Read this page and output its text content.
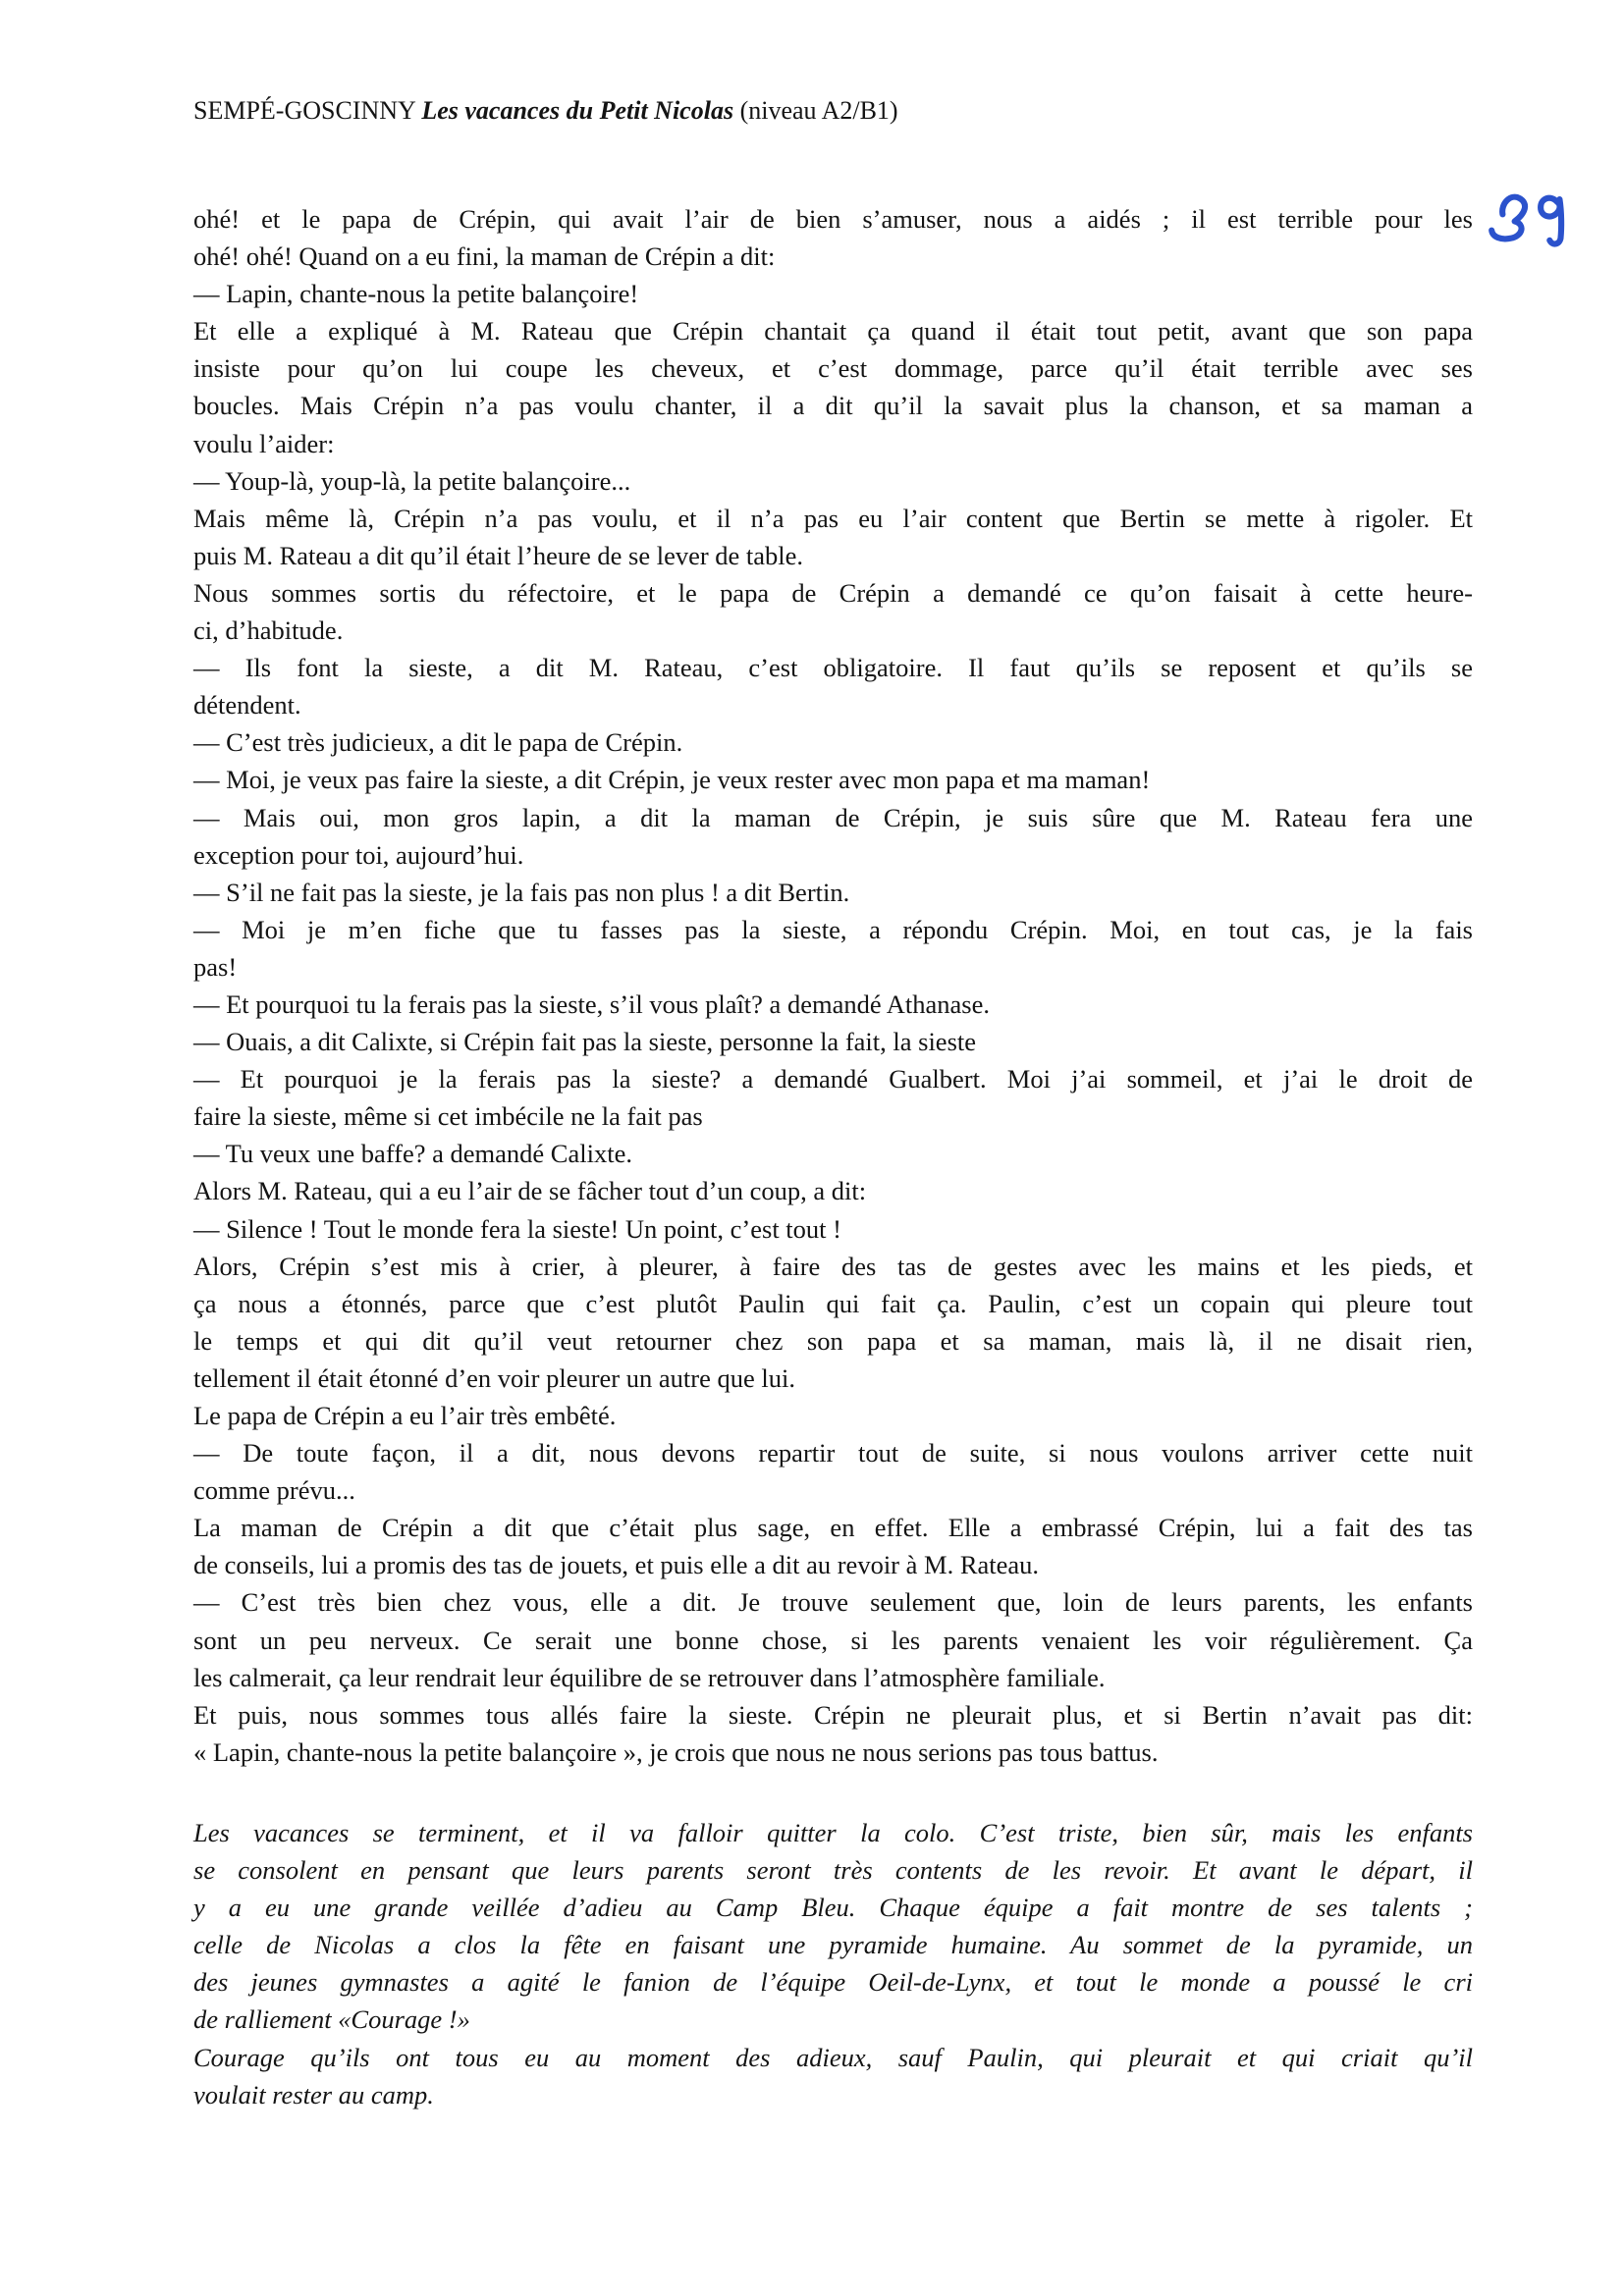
SEMPÉ-GOSCINNY Les vacances du Petit Nicolas (niveau A2/B1)
ohé! et le papa de Crépin, qui avait l’air de bien s’amuser, nous a aidés ; il est terrible pour les
ohé! ohé! Quand on a eu fini, la maman de Crépin a dit:
— Lapin, chante-nous la petite balançoire!
Et elle a expliqué à M. Rateau que Crépin chantait ça quand il était tout petit, avant que son papa
insiste pour qu’on lui coupe les cheveux, et c’est dommage, parce qu’il était terrible avec ses
boucles. Mais Crépin n’a pas voulu chanter, il a dit qu’il la savait plus la chanson, et sa maman a
voulu l’aider:
— Youp-là, youp-là, la petite balançoire...
Mais même là, Crépin n’a pas voulu, et il n’a pas eu l’air content que Bertin se mette à rigoler. Et
puis M. Rateau a dit qu’il était l’heure de se lever de table.
Nous sommes sortis du réfectoire, et le papa de Crépin a demandé ce qu’on faisait à cette heure-
ci, d’habitude.
— Ils font la sieste, a dit M. Rateau, c’est obligatoire. Il faut qu’ils se reposent et qu’ils se
détendent.
— C’est très judicieux, a dit le papa de Crépin.
— Moi, je veux pas faire la sieste, a dit Crépin, je veux rester avec mon papa et ma maman!
— Mais oui, mon gros lapin, a dit la maman de Crépin, je suis sûre que M. Rateau fera une
exception pour toi, aujourd’hui.
— S’il ne fait pas la sieste, je la fais pas non plus ! a dit Bertin.
— Moi je m’en fiche que tu fasses pas la sieste, a répondu Crépin. Moi, en tout cas, je la fais
pas!
— Et pourquoi tu la ferais pas la sieste, s’il vous plaît? a demandé Athanase.
— Ouais, a dit Calixte, si Crépin fait pas la sieste, personne la fait, la sieste
— Et pourquoi je la ferais pas la sieste? a demandé Gualbert. Moi j’ai sommeil, et j’ai le droit de
faire la sieste, même si cet imbécile ne la fait pas
— Tu veux une baffe? a demandé Calixte.
Alors M. Rateau, qui a eu l’air de se fâcher tout d’un coup, a dit:
— Silence ! Tout le monde fera la sieste! Un point, c’est tout !
Alors, Crépin s’est mis à crier, à pleurer, à faire des tas de gestes avec les mains et les pieds, et
ça nous a étonnés, parce que c’est plutôt Paulin qui fait ça. Paulin, c’est un copain qui pleure tout
le temps et qui dit qu’il veut retourner chez son papa et sa maman, mais là, il ne disait rien,
tellement il était étonné d’en voir pleurer un autre que lui.
Le papa de Crépin a eu l’air très embêté.
— De toute façon, il a dit, nous devons repartir tout de suite, si nous voulons arriver cette nuit
comme prévu...
La maman de Crépin a dit que c’était plus sage, en effet. Elle a embrassé Crépin, lui a fait des tas
de conseils, lui a promis des tas de jouets, et puis elle a dit au revoir à M. Rateau.
— C’est très bien chez vous, elle a dit. Je trouve seulement que, loin de leurs parents, les enfants
sont un peu nerveux. Ce serait une bonne chose, si les parents venaient les voir régulièrement. Ça
les calmerait, ça leur rendrait leur équilibre de se retrouver dans l’atmosphère familiale.
Et puis, nous sommes tous allés faire la sieste. Crépin ne pleurait plus, et si Bertin n’avait pas dit:
« Lapin, chante-nous la petite balançoire », je crois que nous ne nous serions pas tous battus.
Les vacances se terminent, et il va falloir quitter la colo. C’est triste, bien sûr, mais les enfants
se consolent en pensant que leurs parents seront très contents de les revoir. Et avant le départ, il
y a eu une grande veillée d’adieu au Camp Bleu. Chaque équipe a fait montre de ses talents ;
celle de Nicolas a clos la fête en faisant une pyramide humaine. Au sommet de la pyramide, un
des jeunes gymnastes a agité le fanion de l’équipe Oeil-de-Lynx, et tout le monde a poussé le cri
de ralliement «Courage !»
Courage qu’ils ont tous eu au moment des adieux, sauf Paulin, qui pleurait et qui criait qu’il
voulait rester au camp.
